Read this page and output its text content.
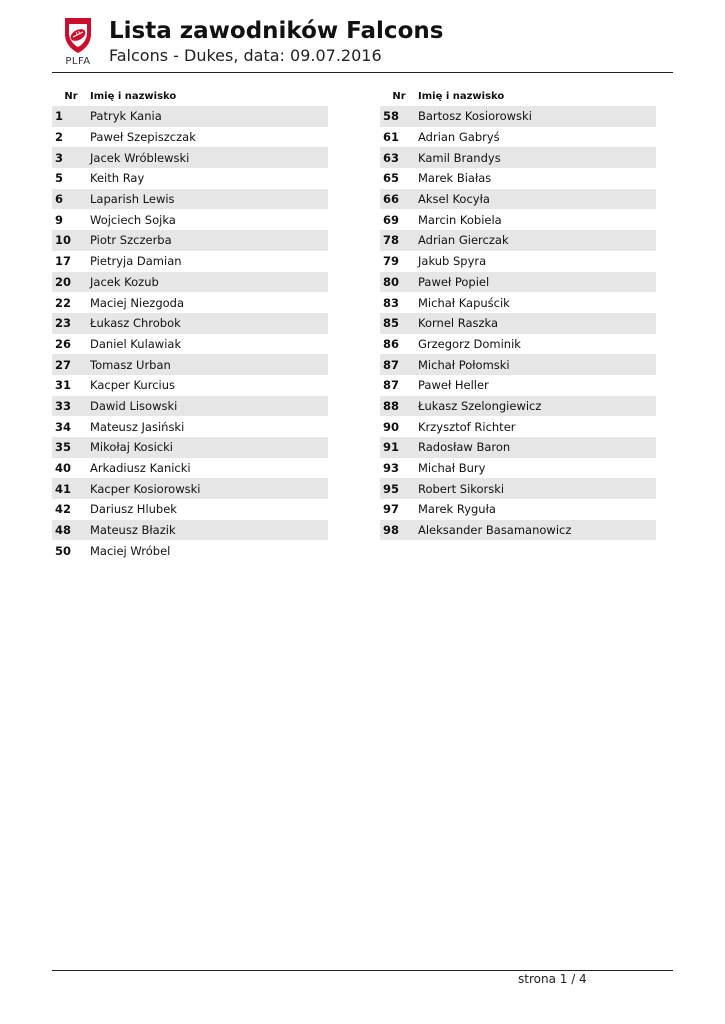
PLFA
Lista zawodników Falcons
Falcons - Dukes, data: 09.07.2016
Nr	Imię i nazwisko
1	Patryk Kania
2	Paweł Szepiszczak
3	Jacek Wróblewski
5	Keith Ray
6	Laparish Lewis
9	Wojciech Sojka
10	Piotr Szczerba
17	Pietryja Damian
20	Jacek Kozub
22	Maciej Niezgoda
23	Łukasz Chrobok
26	Daniel Kulawiak
27	Tomasz Urban
31	Kacper Kurcius
33	Dawid Lisowski
34	Mateusz Jasiński
35	Mikołaj Kosicki
40	Arkadiusz Kanicki
41	Kacper Kosiorowski
42	Dariusz Hlubek
48	Mateusz Błazik
50	Maciej Wróbel
Nr	Imię i nazwisko
58	Bartosz Kosiorowski
61	Adrian Gabryś
63	Kamil Brandys
65	Marek Białas
66	Aksel Kocyła
69	Marcin Kobiela
78	Adrian Gierczak
79	Jakub Spyra
80	Paweł Popiel
83	Michał Kapuścik
85	Kornel Raszka
86	Grzegorz Dominik
87	Michał Połomski
87	Paweł Heller
88	Łukasz Szelongiewicz
90	Krzysztof Richter
91	Radosław Baron
93	Michał Bury
95	Robert Sikorski
97	Marek Ryguła
98	Aleksander Basamanowicz
strona 1 / 4
